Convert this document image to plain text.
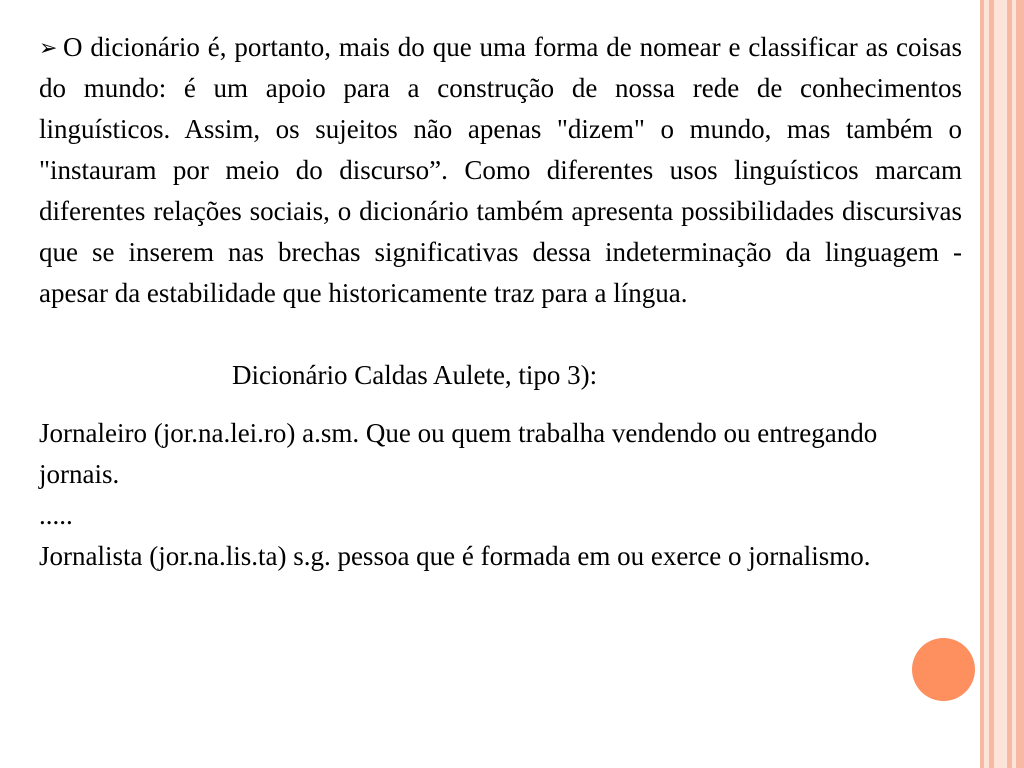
➢ O dicionário é, portanto, mais do que uma forma de nomear e classificar as coisas do mundo: é um apoio para a construção de nossa rede de conhecimentos linguísticos. Assim, os sujeitos não apenas "dizem" o mundo, mas também o "instauram por meio do discurso”. Como diferentes usos linguísticos marcam diferentes relações sociais, o dicionário também apresenta possibilidades discursivas que se inserem nas brechas significativas dessa indeterminação da linguagem - apesar da estabilidade que historicamente traz para a língua.

Dicionário Caldas Aulete, tipo 3):

Jornaleiro (jor.na.lei.ro) a.sm. Que ou quem trabalha vendendo ou entregando jornais.

.....

Jornalista (jor.na.lis.ta) s.g. pessoa que é formada em ou exerce o jornalismo.
